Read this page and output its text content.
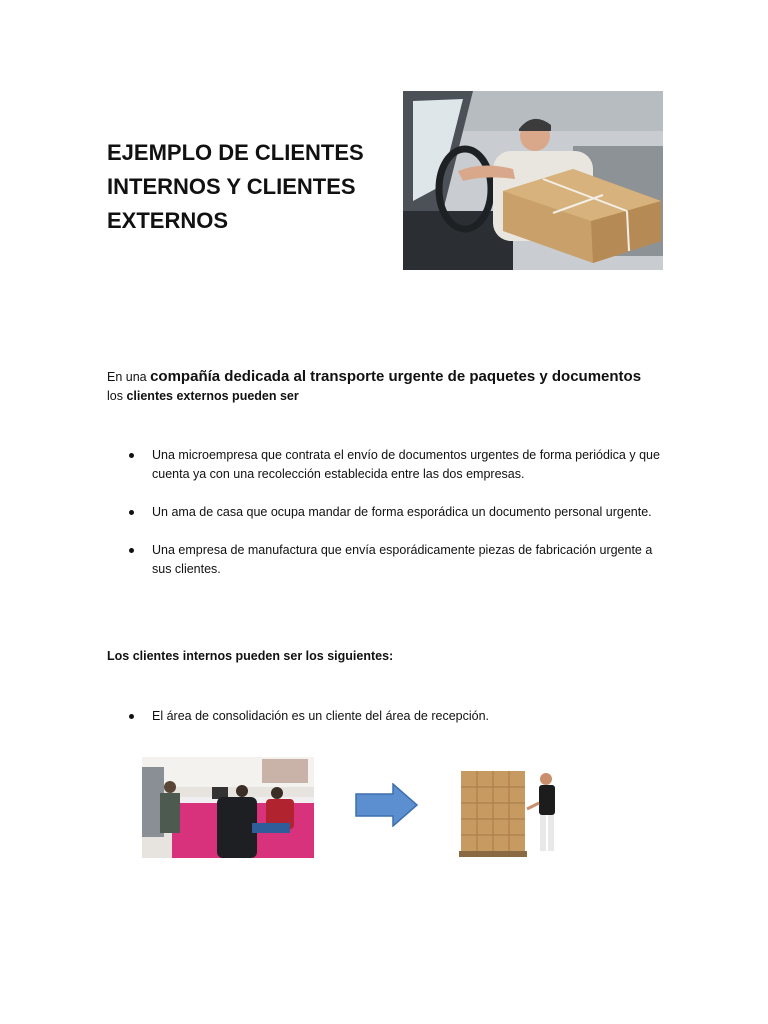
EJEMPLO DE CLIENTES INTERNOS Y CLIENTES EXTERNOS
En una compañía dedicada al transporte urgente de paquetes y documentos
los clientes externos pueden ser
Una microempresa que contrata el envío de documentos urgentes de forma periódica y que cuenta ya con una recolección establecida entre las dos empresas.
Un ama de casa que ocupa mandar de forma esporádica un documento personal urgente.
Una empresa de manufactura que envía esporádicamente piezas de fabricación urgente a sus clientes.

Los clientes internos pueden ser los siguientes:

El área de consolidación es un cliente del área de recepción.
